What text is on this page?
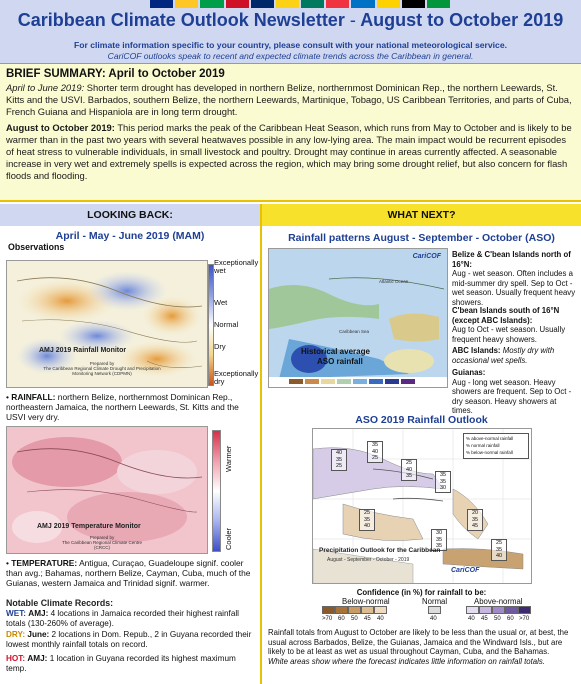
Caribbean Climate Outlook Newsletter - August to October 2019
For climate information specific to your country, please consult with your national meteorological service.
CariCOF outlooks speak to recent and expected climate trends across the Caribbean in general.
BRIEF SUMMARY: April to October 2019

April to June 2019: Shorter term drought has developed in northern Belize, northernmost Dominican Rep., the northern Leewards, St. Kitts and the USVI. Barbados, southern Belize, the northern Leewards, Martinique, Tobago, US Caribbean Territories, and parts of Cuba, French Guiana and Hispaniola are in long term drought.

August to October 2019: This period marks the peak of the Caribbean Heat Season, which runs from May to October and is likely to be warmer than in the past two years with several heatwaves possible in any low-lying area. The main impact would be recurrent episodes of heat stress to vulnerable individuals, in small livestock and poultry. Drought may continue in areas currently affected. A seasonable increase in very wet and extremely spells is expected across the region, which may bring some drought relief, but also concern for flash floods and flooding.

LOOKING BACK:
April - May - June 2019 (MAM)
Observations
AMJ 2019 Rainfall Monitor
Prepared by
The Caribbean Regional Climate Drought and Precipitation
Monitoring Network (CDPMN)
Exceptionally wet
Wet
Normal
Dry
Exceptionally dry
• RAINFALL: northern Belize, northernmost Dominican Rep., northeastern Jamaica, the northern Leewards, St. Kitts and the USVI very dry.
AMJ 2019 Temperature Monitor
Prepared by
The Caribbean Regional Climate Centre
(CRCC)
Warmer
Cooler
• TEMPERATURE: Antigua, Curaçao, Guadeloupe signif. cooler than avg.; Bahamas, northern Belize, Cayman, Cuba, much of the Guianas, western Jamaica and Trinidad signif. warmer.
Notable Climate Records:
WET: AMJ: 4 locations in Jamaica recorded their highest rainfall totals (130-260% of average).
DRY: June: 2 locations in Dom. Repub., 2 in Guyana recorded their lowest monthly rainfall totals on record.
HOT: AMJ: 1 location in Guyana recorded its highest maximum temp.
WHAT NEXT?
Rainfall patterns August - September - October (ASO)
CariCOF
Atlantic Ocean
Caribbean Sea
Historical average
ASO rainfall
Belize & C'bean Islands north of 16°N:
Aug - wet season. Often includes a mid-summer dry spell. Sep to Oct - wet season. Usually frequent heavy showers.
C'bean Islands south of 16°N (except ABC Islands):
Aug to Oct - wet season. Usually frequent heavy showers.
ABC Islands: Mostly dry with occasional wet spells.
Guianas:
Aug - long wet season. Heavy showers are frequent. Sep to Oct - dry season. Heavy showers at times.
ASO 2019 Rainfall Outlook
40
35
25
35
40
25
25
40
35	35
35
30
25
35
40
20
35
45
25
35
40
30
35
35
% above-normal rainfall
% normal rainfall
% below-normal rainfall
Precipitation Outlook for the Caribbean
August - September - October - 2019
CariCOF
Confidence (in %) for rainfall to be:
Below-normal	Normal	Above-normal
>70 60 50 45 40	40	40 45 50 60 >70
Rainfall totals from August to October are likely to be less than the usual or, at best, the usual across Barbados, Belize, the Guianas, Jamaica and the Windward Isls., but are likely to be at least as wet as usual throughout Cayman, Cuba, and the Bahamas.
White areas show where the forecast indicates little information on rainfall totals.
